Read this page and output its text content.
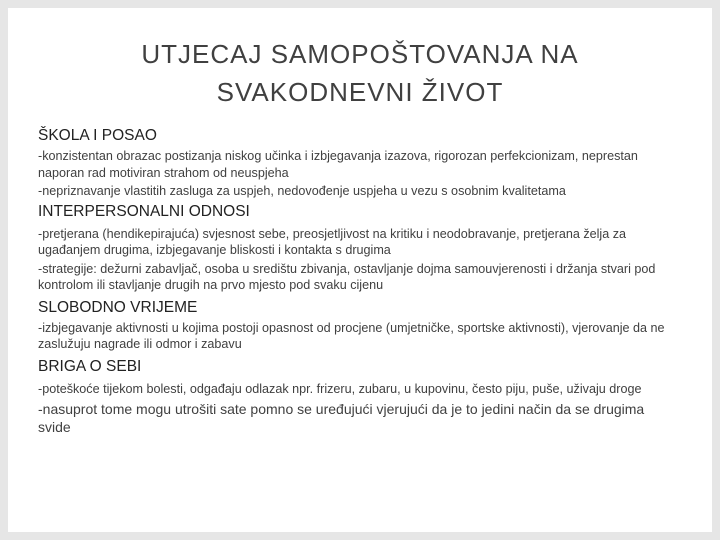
UTJECAJ SAMOPOŠTOVANJA NA
SVAKODNEVNI ŽIVOT
ŠKOLA I POSAO
-konzistentan obrazac postizanja niskog učinka i izbjegavanja izazova, rigorozan perfekcionizam, neprestan naporan rad motiviran strahom od neuspjeha
-nepriznavanje vlastitih zasluga za uspjeh, nedovođenje uspjeha u vezu s osobnim kvalitetama
INTERPERSONALNI ODNOSI
-pretjerana (hendikepirajuća) svjesnost sebe, preosjetljivost na kritiku i neodobravanje, pretjerana želja za ugađanjem drugima, izbjegavanje bliskosti i kontakta s drugima
-strategije: dežurni zabavljač, osoba u središtu zbivanja, ostavljanje dojma samouvjerenosti i držanja stvari pod kontrolom ili stavljanje drugih na prvo mjesto pod svaku cijenu
SLOBODNO VRIJEME
-izbjegavanje aktivnosti u kojima postoji opasnost od procjene (umjetničke, sportske aktivnosti), vjerovanje da ne zaslužuju nagrade ili odmor i zabavu
BRIGA O SEBI
-poteškoće tijekom bolesti, odgađaju odlazak npr. frizeru, zubaru, u kupovinu, često piju, puše, uživaju droge
-nasuprot tome mogu utrošiti sate pomno se uređujući vjerujući da je to jedini način da se drugima svide
